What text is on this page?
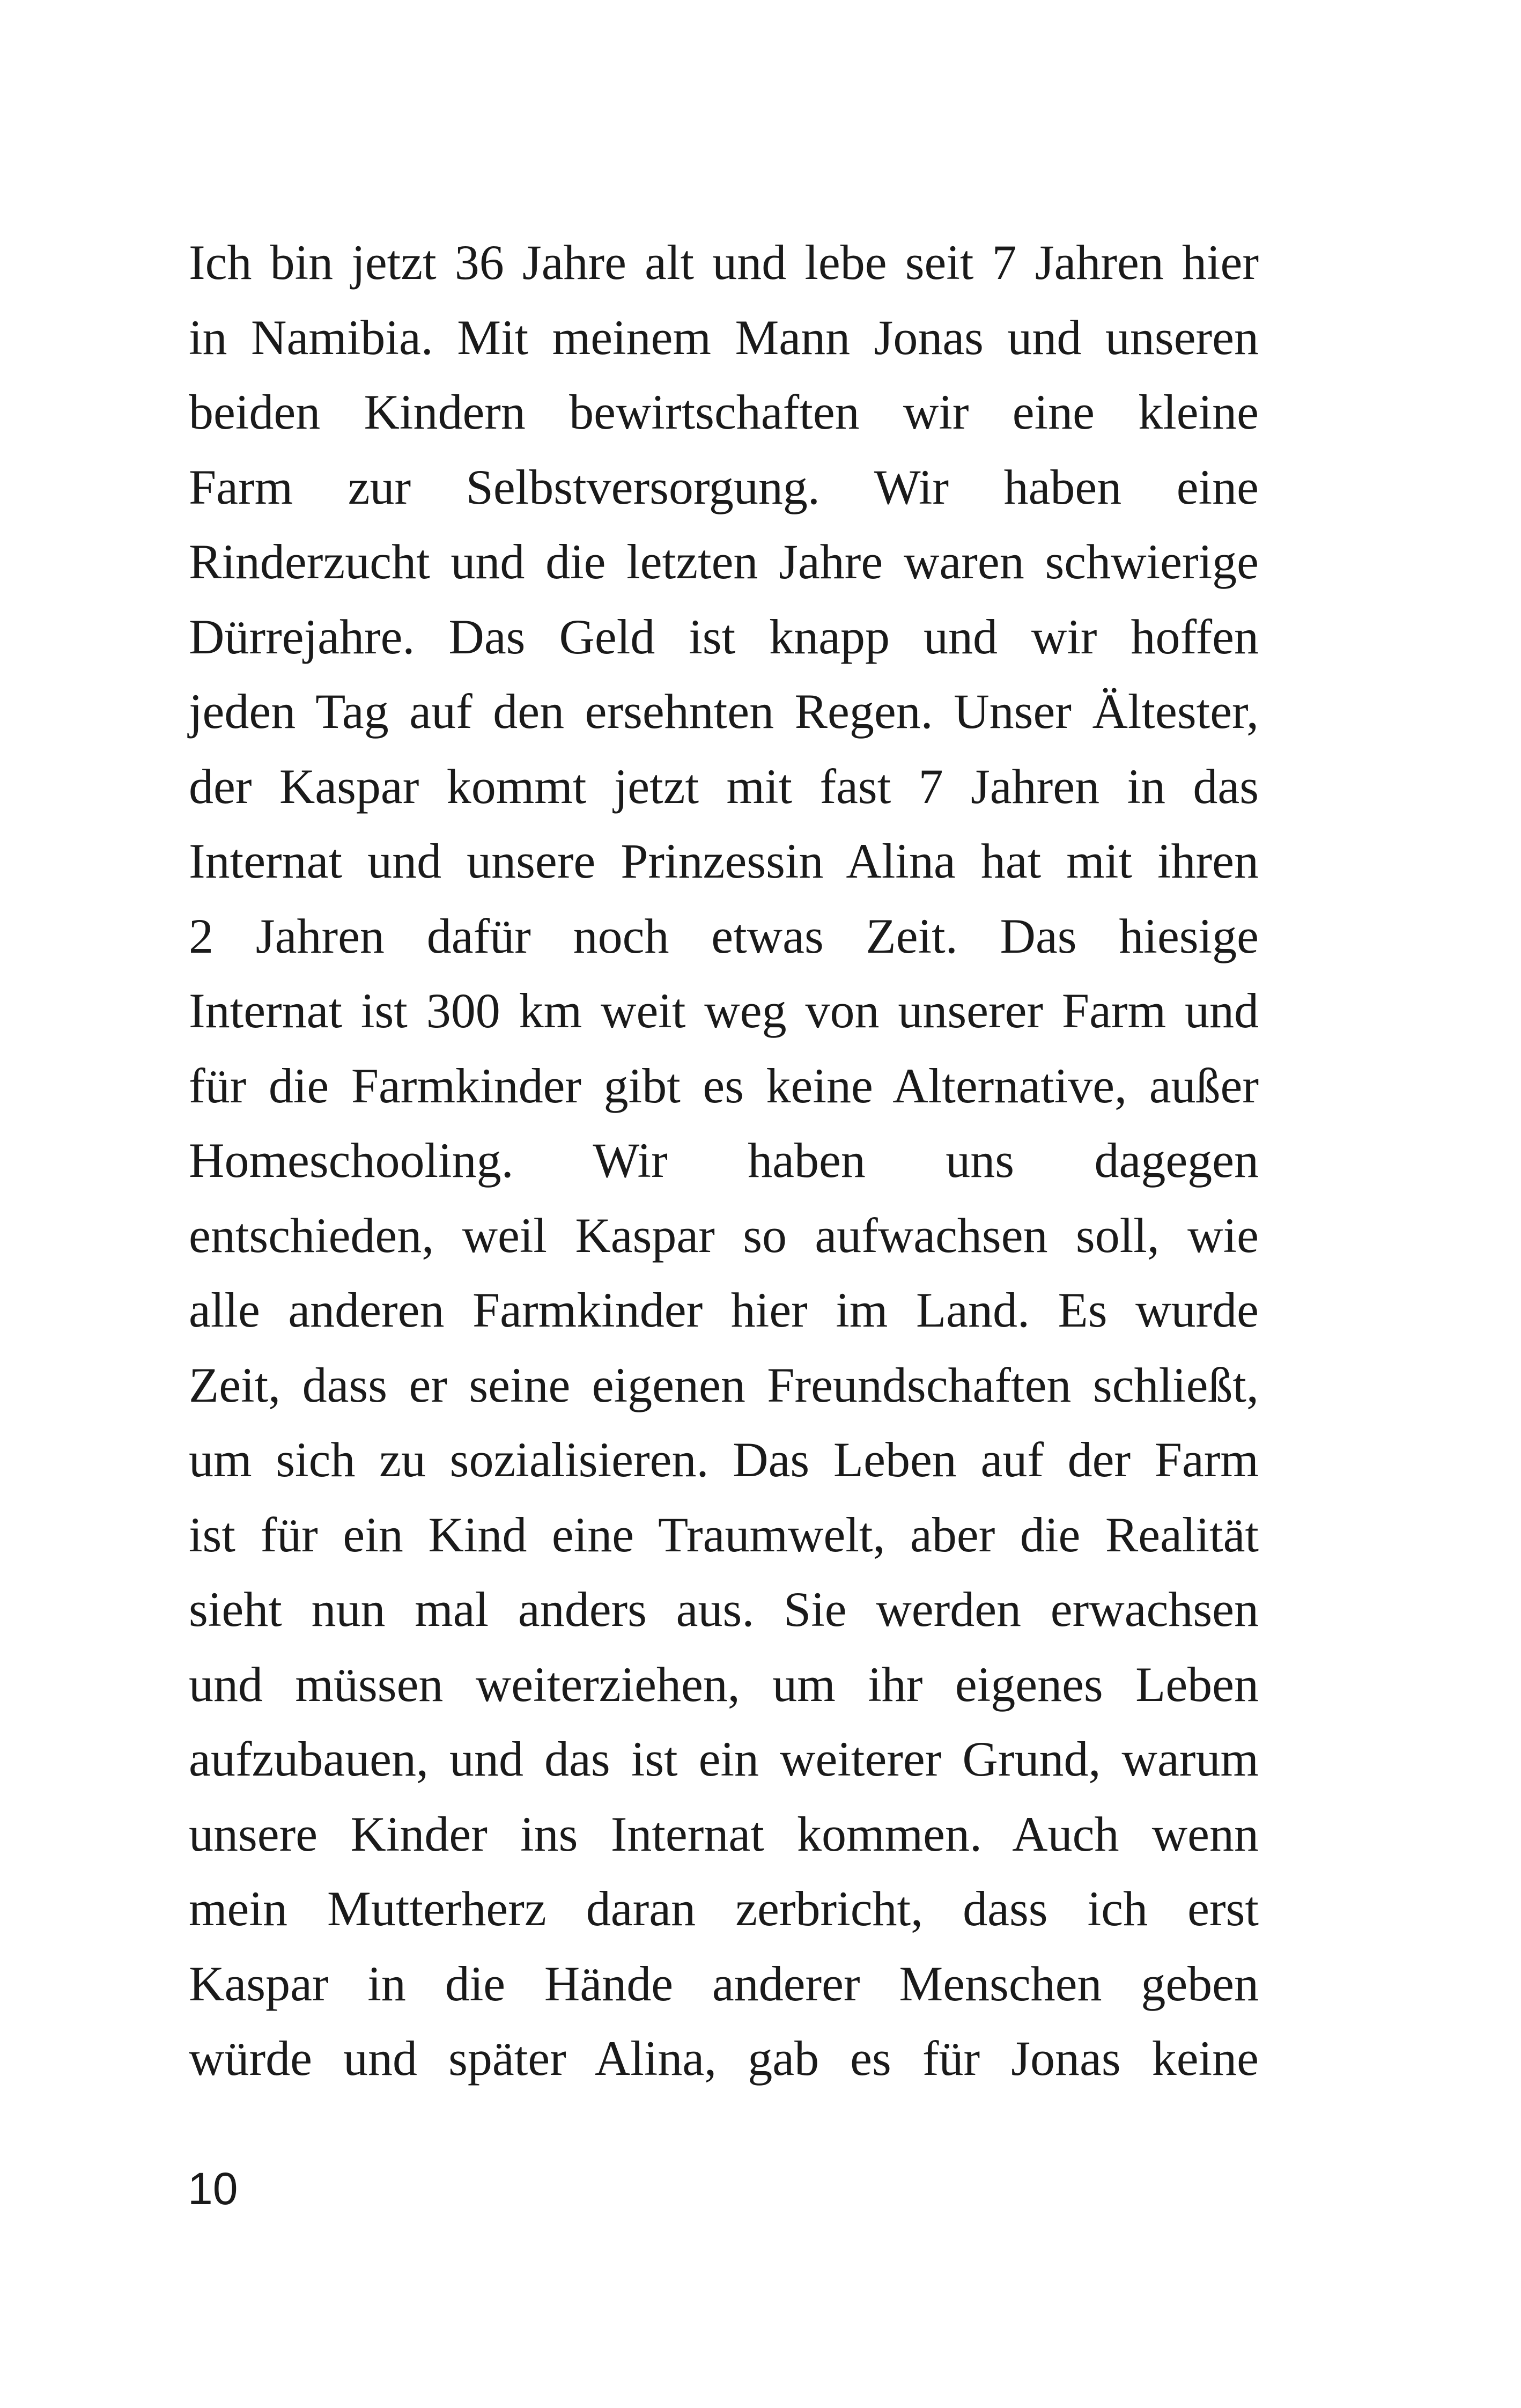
Ich bin jetzt 36 Jahre alt und lebe seit 7 Jahren hier
in Namibia. Mit meinem Mann Jonas und unseren
beiden Kindern bewirtschaften wir eine kleine
Farm zur Selbstversorgung. Wir haben eine
Rinderzucht und die letzten Jahre waren schwierige
Dürrejahre. Das Geld ist knapp und wir hoffen
jeden Tag auf den ersehnten Regen. Unser Ältester,
der Kaspar kommt jetzt mit fast 7 Jahren in das
Internat und unsere Prinzessin Alina hat mit ihren
2 Jahren dafür noch etwas Zeit. Das hiesige
Internat ist 300 km weit weg von unserer Farm und
für die Farmkinder gibt es keine Alternative, außer
Homeschooling. Wir haben uns dagegen
entschieden, weil Kaspar so aufwachsen soll, wie
alle anderen Farmkinder hier im Land. Es wurde
Zeit, dass er seine eigenen Freundschaften schließt,
um sich zu sozialisieren. Das Leben auf der Farm
ist für ein Kind eine Traumwelt, aber die Realität
sieht nun mal anders aus. Sie werden erwachsen
und müssen weiterziehen, um ihr eigenes Leben
aufzubauen, und das ist ein weiterer Grund, warum
unsere Kinder ins Internat kommen. Auch wenn
mein Mutterherz daran zerbricht, dass ich erst
Kaspar in die Hände anderer Menschen geben
würde und später Alina, gab es für Jonas keine
10
